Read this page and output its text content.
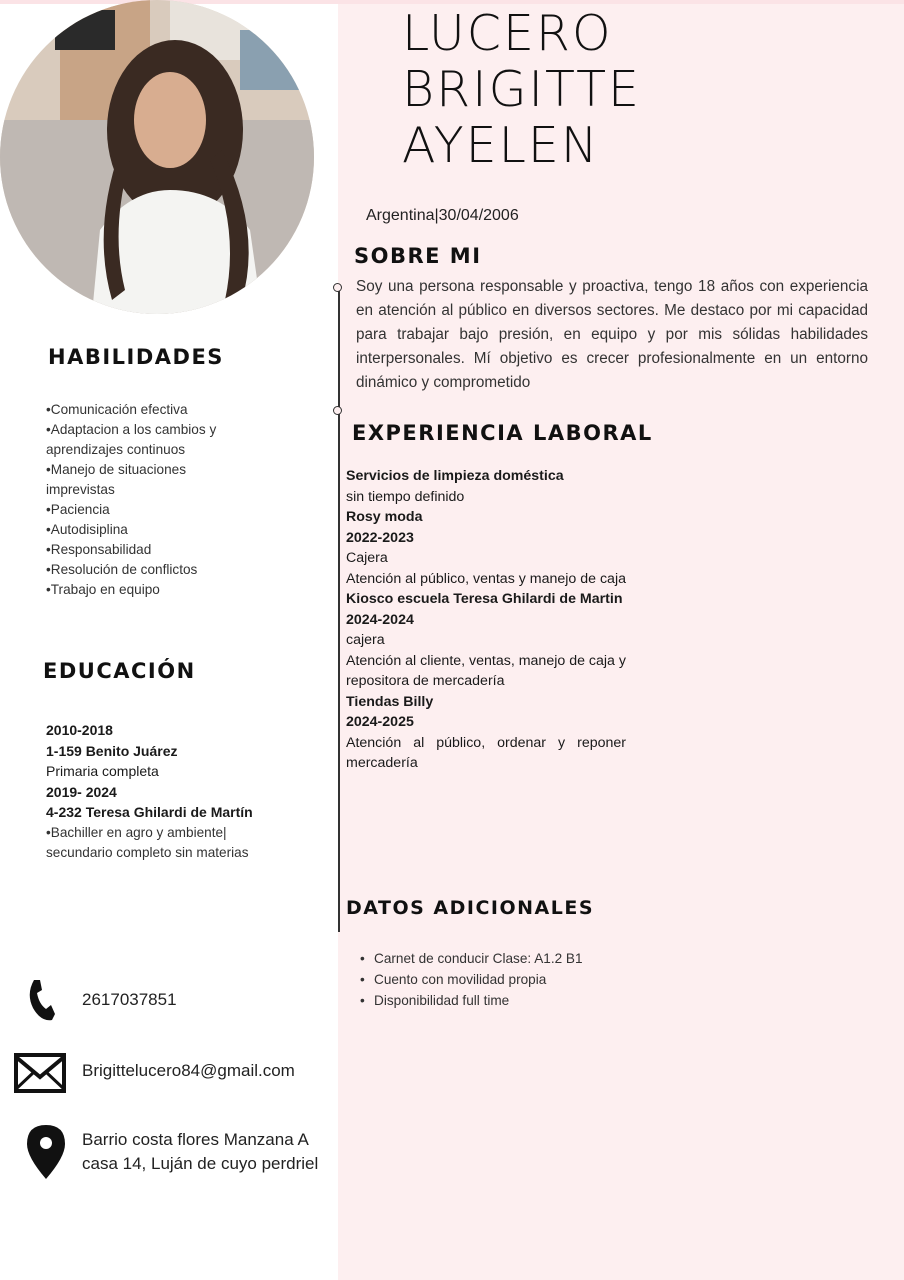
LUCERO
BRIGITTE
AYELEN
Argentina|30/04/2006
SOBRE MI
Soy una persona responsable y proactiva, tengo 18 años con experiencia en atención al público en diversos sectores. Me destaco por mi capacidad para trabajar bajo presión, en equipo y por mis sólidas habilidades interpersonales. Mí objetivo es crecer profesionalmente en un entorno dinámico y comprometido
EXPERIENCIA LABORAL
Servicios de limpieza doméstica
sin tiempo definido
Rosy moda
2022-2023
Cajera
Atención al público, ventas y manejo de caja
Kiosco escuela Teresa Ghilardi de Martin
2024-2024
cajera
Atención al cliente, ventas, manejo de caja y repositora de mercadería
Tiendas Billy
2024-2025
Atención al público, ordenar y reponer mercadería
DATOS ADICIONALES
• Carnet de conducir Clase: A1.2 B1
• Cuento con movilidad propia
• Disponibilidad full time
HABILIDADES
•Comunicación efectiva
•Adaptacion a los cambios y aprendizajes continuos
•Manejo de situaciones imprevistas
•Paciencia
•Autodisiplina
•Responsabilidad
•Resolución de conflictos
•Trabajo en equipo
EDUCACIÓN
2010-2018
1-159 Benito Juárez
Primaria completa
2019- 2024
4-232 Teresa Ghilardi de Martín
•Bachiller en agro y ambiente| secundario completo sin materias
2617037851
Brigittelucero84@gmail.com
Barrio costa flores Manzana A
casa 14, Luján de cuyo perdriel
